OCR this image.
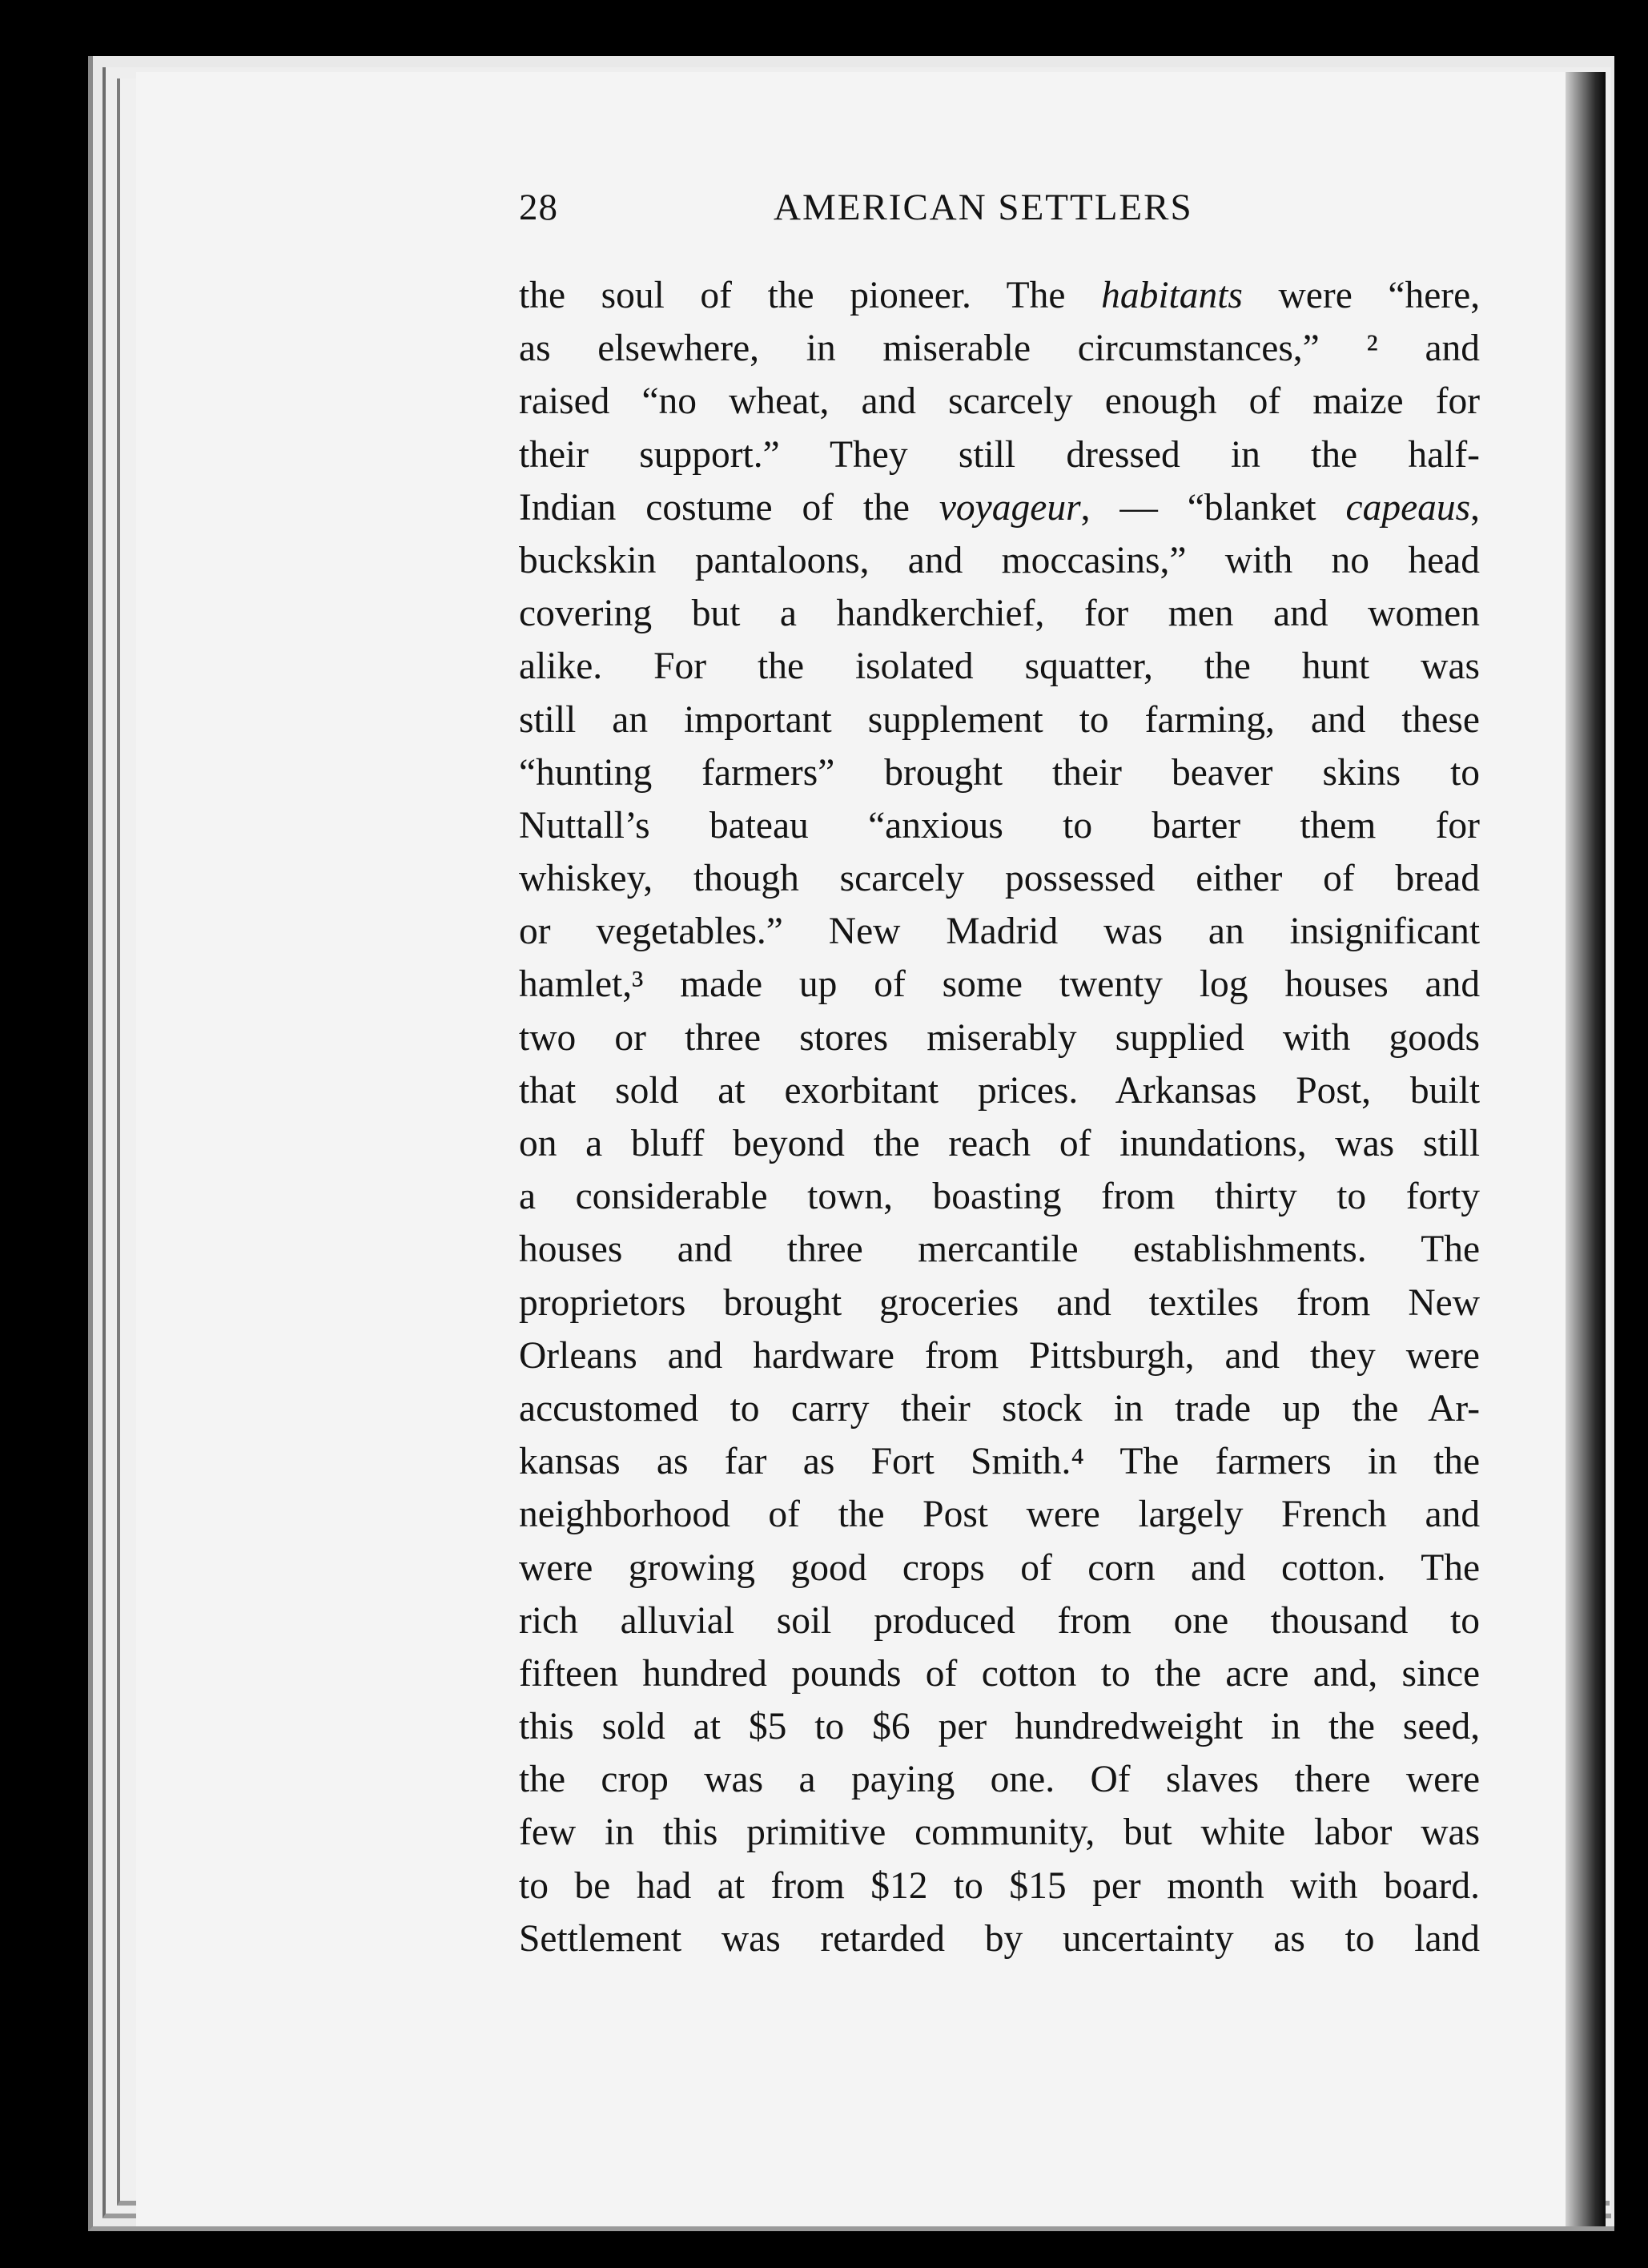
28	AMERICAN SETTLERS
the soul of the pioneer. The habitants were “here,
as elsewhere, in miserable circumstances,” ² and
raised “no wheat, and scarcely enough of maize for
their support.” They still dressed in the half-
Indian costume of the voyageur, — “blanket capeaus,
buckskin pantaloons, and moccasins,” with no head
covering but a handkerchief, for men and women
alike. For the isolated squatter, the hunt was
still an important supplement to farming, and these
“hunting farmers” brought their beaver skins to
Nuttall’s bateau “anxious to barter them for
whiskey, though scarcely possessed either of bread
or vegetables.” New Madrid was an insignificant
hamlet,³ made up of some twenty log houses and
two or three stores miserably supplied with goods
that sold at exorbitant prices. Arkansas Post, built
on a bluff beyond the reach of inundations, was still
a considerable town, boasting from thirty to forty
houses and three mercantile establishments. The
proprietors brought groceries and textiles from New
Orleans and hardware from Pittsburgh, and they were
accustomed to carry their stock in trade up the Ar-
kansas as far as Fort Smith.⁴ The farmers in the
neighborhood of the Post were largely French and
were growing good crops of corn and cotton. The
rich alluvial soil produced from one thousand to
fifteen hundred pounds of cotton to the acre and, since
this sold at $5 to $6 per hundredweight in the seed,
the crop was a paying one. Of slaves there were
few in this primitive community, but white labor was
to be had at from $12 to $15 per month with board.
Settlement was retarded by uncertainty as to land
